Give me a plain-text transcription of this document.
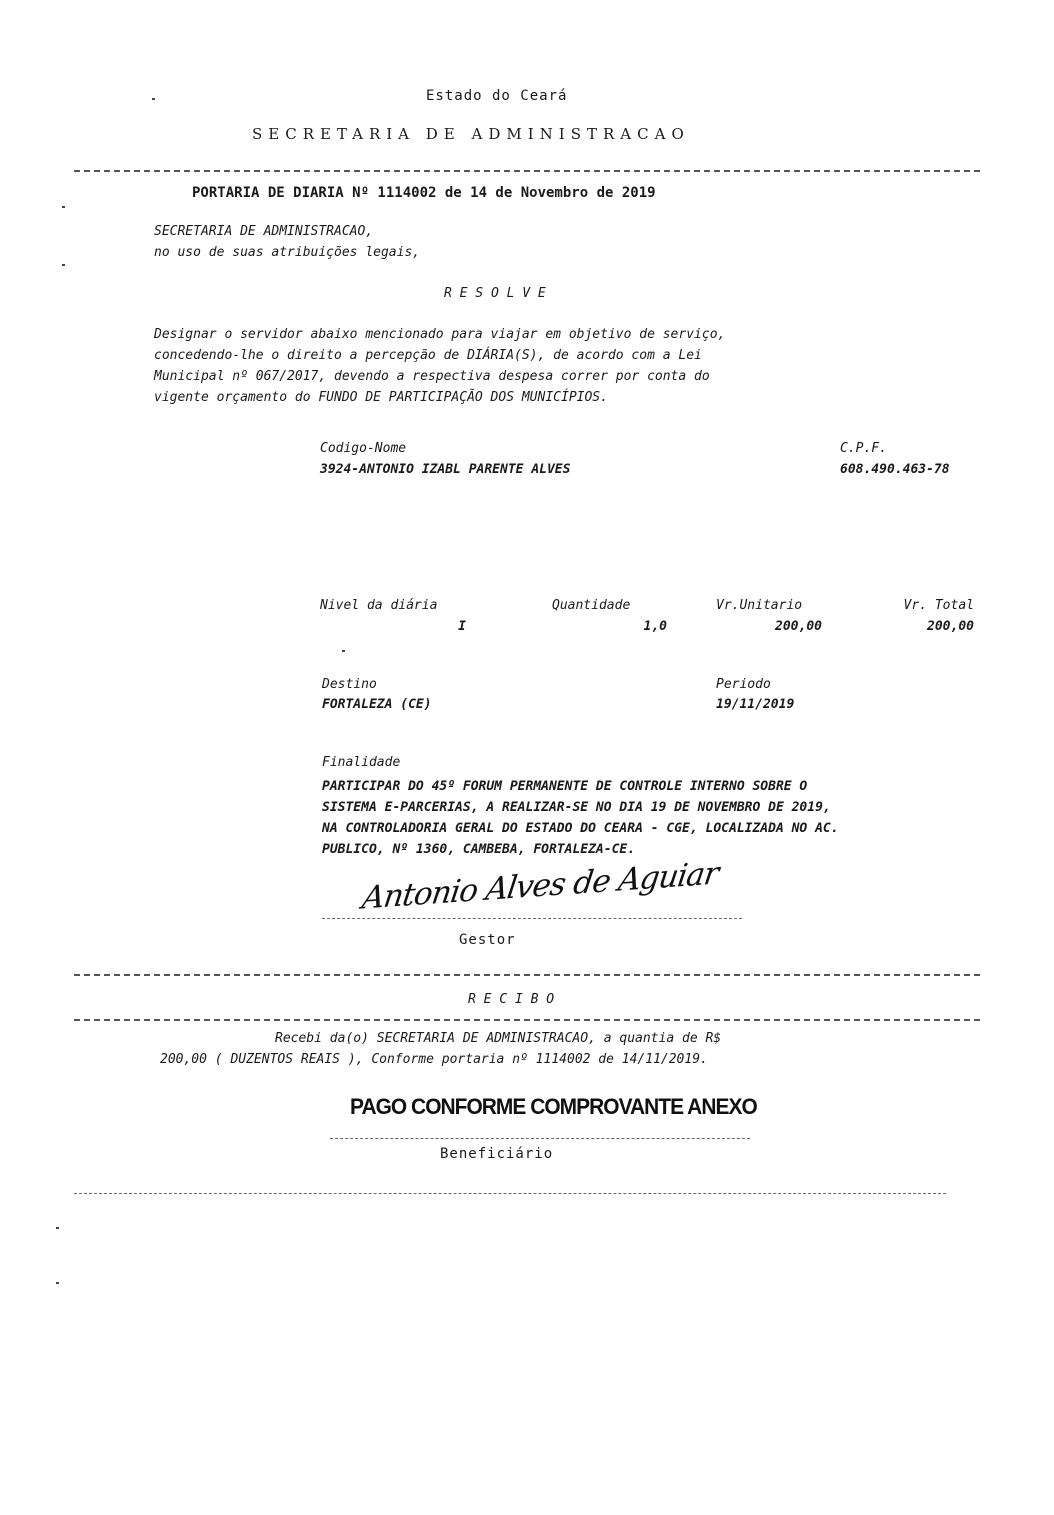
Estado do Ceará
SECRETARIA DE ADMINISTRACAO
PORTARIA DE DIARIA Nº 1114002 de 14 de Novembro de 2019
SECRETARIA DE ADMINISTRACAO,
no uso de suas atribuições legais,
R E S O L V E
Designar o servidor abaixo mencionado para viajar em objetivo de serviço,
concedendo-lhe o direito a percepção de DIÁRIA(S), de acordo com a Lei
Municipal nº 067/2017, devendo a respectiva despesa correr por conta do
vigente orçamento do FUNDO DE PARTICIPAÇÃO DOS MUNICÍPIOS.
Codigo-Nome
3924-ANTONIO IZABL PARENTE ALVES
C.P.F.
608.490.463-78
Nivel da diária
I
Quantidade
1,0
Vr.Unitario
200,00
Vr. Total
200,00
Destino
FORTALEZA (CE)
Periodo
19/11/2019
Finalidade
PARTICIPAR DO 45º FORUM PERMANENTE DE CONTROLE INTERNO SOBRE O
SISTEMA E-PARCERIAS, A REALIZAR-SE NO DIA 19 DE NOVEMBRO DE 2019,
NA CONTROLADORIA GERAL DO ESTADO DO CEARA - CGE, LOCALIZADA NO AC.
PUBLICO, Nº 1360, CAMBEBA, FORTALEZA-CE.
Antonio Alves de Aguiar
Gestor
R E C I B O
Recebi da(o) SECRETARIA DE ADMINISTRACAO, a quantia de R$
200,00 ( DUZENTOS REAIS ), Conforme portaria nº 1114002 de 14/11/2019.
PAGO CONFORME COMPROVANTE ANEXO
Beneficiário
